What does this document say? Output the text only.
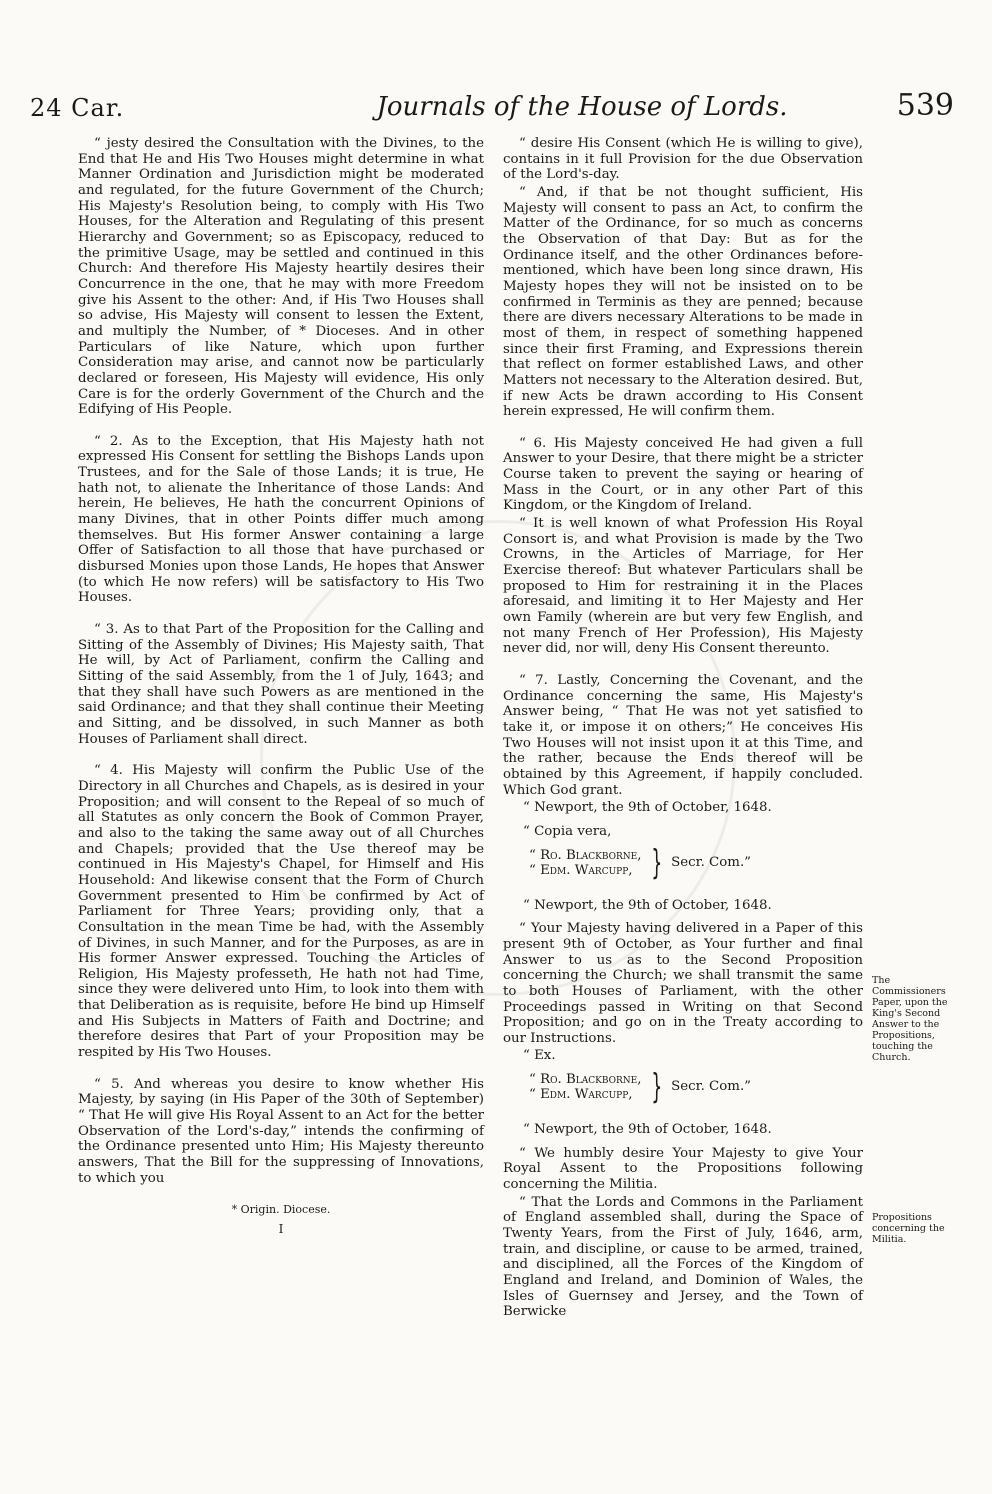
24 Car.	Journals of the House of Lords.	539

“ jesty desired the Consultation with the Divines, to the End that He and His Two Houses might determine in what Manner Ordination and Jurisdiction might be moderated and regulated, for the future Government of the Church; His Majesty's Resolution being, to comply with His Two Houses, for the Alteration and Regulating of this present Hierarchy and Government; so as Episcopacy, reduced to the primitive Usage, may be settled and continued in this Church: And therefore His Majesty heartily desires their Concurrence in the one, that he may with more Freedom give his Assent to the other: And, if His Two Houses shall so advise, His Majesty will consent to lessen the Extent, and multiply the Number, of * Dioceses. And in other Particulars of like Nature, which upon further Consideration may arise, and cannot now be particularly declared or foreseen, His Majesty will evidence, His only Care is for the orderly Government of the Church and the Edifying of His People.

“ 2. As to the Exception, that His Majesty hath not expressed His Consent for settling the Bishops Lands upon Trustees, and for the Sale of those Lands; it is true, He hath not, to alienate the Inheritance of those Lands: And herein, He believes, He hath the concurrent Opinions of many Divines, that in other Points differ much among themselves. But His former Answer containing a large Offer of Satisfaction to all those that have purchased or disbursed Monies upon those Lands, He hopes that Answer (to which He now refers) will be satisfactory to His Two Houses.

“ 3. As to that Part of the Proposition for the Calling and Sitting of the Assembly of Divines; His Majesty saith, That He will, by Act of Parliament, confirm the Calling and Sitting of the said Assembly, from the 1 of July, 1643; and that they shall have such Powers as are mentioned in the said Ordinance; and that they shall continue their Meeting and Sitting, and be dissolved, in such Manner as both Houses of Parliament shall direct.

“ 4. His Majesty will confirm the Public Use of the Directory in all Churches and Chapels, as is desired in your Proposition; and will consent to the Repeal of so much of all Statutes as only concern the Book of Common Prayer, and also to the taking the same away out of all Churches and Chapels; provided that the Use thereof may be continued in His Majesty's Chapel, for Himself and His Household: And likewise consent that the Form of Church Government presented to Him be confirmed by Act of Parliament for Three Years; providing only, that a Consultation in the mean Time be had, with the Assembly of Divines, in such Manner, and for the Purposes, as are in His former Answer expressed. Touching the Articles of Religion, His Majesty professeth, He hath not had Time, since they were delivered unto Him, to look into them with that Deliberation as is requisite, before He bind up Himself and His Subjects in Matters of Faith and Doctrine; and therefore desires that Part of your Proposition may be respited by His Two Houses.

“ 5. And whereas you desire to know whether His Majesty, by saying (in His Paper of the 30th of September) “ That He will give His Royal Assent to an Act for the better Observation of the Lord's-day,” intends the confirming of the Ordinance presented unto Him; His Majesty thereunto answers, That the Bill for the suppressing of Innovations, to which you

* Origin. Diocese.
I

“ desire His Consent (which He is willing to give), contains in it full Provision for the due Observation of the Lord's-day.

“ And, if that be not thought sufficient, His Majesty will consent to pass an Act, to confirm the Matter of the Ordinance, for so much as concerns the Observation of that Day: But as for the Ordinance itself, and the other Ordinances before-mentioned, which have been long since drawn, His Majesty hopes they will not be insisted on to be confirmed in Terminis as they are penned; because there are divers necessary Alterations to be made in most of them, in respect of something happened since their first Framing, and Expressions therein that reflect on former established Laws, and other Matters not necessary to the Alteration desired. But, if new Acts be drawn according to His Consent herein expressed, He will confirm them.

“ 6. His Majesty conceived He had given a full Answer to your Desire, that there might be a stricter Course taken to prevent the saying or hearing of Mass in the Court, or in any other Part of this Kingdom, or the Kingdom of Ireland.

“ It is well known of what Profession His Royal Consort is, and what Provision is made by the Two Crowns, in the Articles of Marriage, for Her Exercise thereof: But whatever Particulars shall be proposed to Him for restraining it in the Places aforesaid, and limiting it to Her Majesty and Her own Family (wherein are but very few English, and not many French of Her Profession), His Majesty never did, nor will, deny His Consent thereunto.

“ 7. Lastly, Concerning the Covenant, and the Ordinance concerning the same, His Majesty's Answer being, “ That He was not yet satisfied to take it, or impose it on others;” He conceives His Two Houses will not insist upon it at this Time, and the rather, because the Ends thereof will be obtained by this Agreement, if happily concluded. Which God grant.

“ Newport, the 9th of October, 1648.
“ Copia vera,
“ Ro. Blackborne,
“ Edm. Warcupp, } Secr. Com.”
“ Newport, the 9th of October, 1648.

“ Your Majesty having delivered in a Paper of this present 9th of October, as Your further and final Answer to us as to the Second Proposition concerning the Church; we shall transmit the same to both Houses of Parliament, with the other Proceedings passed in Writing on that Second Proposition; and go on in the Treaty according to our Instructions.

“ Ex.
“ Ro. Blackborne,
“ Edm. Warcupp, } Secr. Com.”
“ Newport, the 9th of October, 1648.

“ We humbly desire Your Majesty to give Your Royal Assent to the Propositions following concerning the Militia.

“ That the Lords and Commons in the Parliament of England assembled shall, during the Space of Twenty Years, from the First of July, 1646, arm, train, and discipline, or cause to be armed, trained, and disciplined, all the Forces of the Kingdom of England and Ireland, and Dominion of Wales, the Isles of Guernsey and Jersey, and the Town of Berwicke

The Commissioners Paper, upon the King's Second Answer to the Propositions, touching the Church.
Propositions concerning the Militia.
